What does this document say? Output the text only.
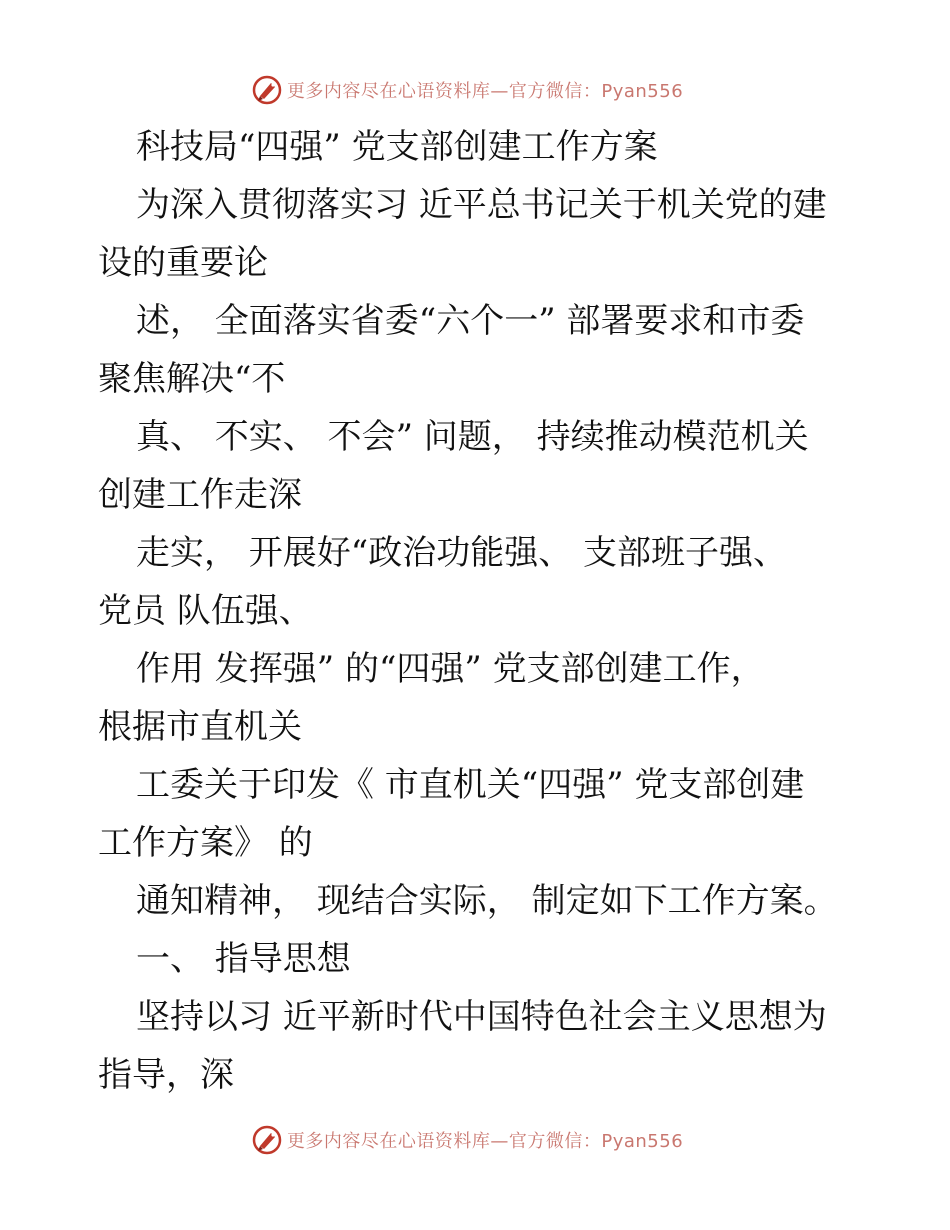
更多内容尽在心语资料库—官方微信：Pyan556
科技局“四强” 党支部创建工作方案
为深入贯彻落实习 近平总书记关于机关党的建
设的重要论
述， 全面落实省委“六个一” 部署要求和市委
聚焦解决“不
真、 不实、 不会” 问题， 持续推动模范机关
创建工作走深
走实， 开展好“政治功能强、 支部班子强、
党员 队伍强、
作用 发挥强” 的“四强” 党支部创建工作，
根据市直机关
工委关于印发《 市直机关“四强” 党支部创建
工作方案》 的
通知精神， 现结合实际， 制定如下工作方案。
一、 指导思想
坚持以习 近平新时代中国特色社会主义思想为
指导，深
更多内容尽在心语资料库—官方微信：Pyan556
